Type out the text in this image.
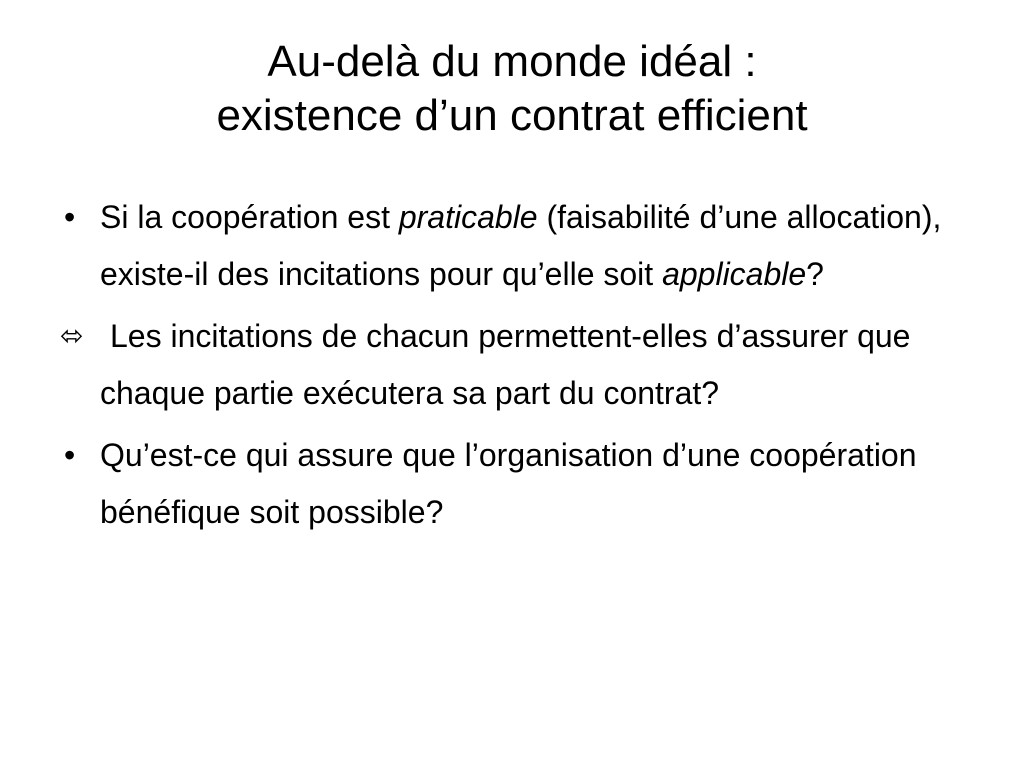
Au-delà du monde idéal :
existence d’un contrat efficient
• Si la coopération est praticable (faisabilité d’une allocation), existe-il des incitations pour qu’elle soit applicable?
⬄ Les incitations de chacun permettent-elles d’assurer que chaque partie exécutera sa part du contrat?
• Qu’est-ce qui assure que l’organisation d’une coopération bénéfique soit possible?
